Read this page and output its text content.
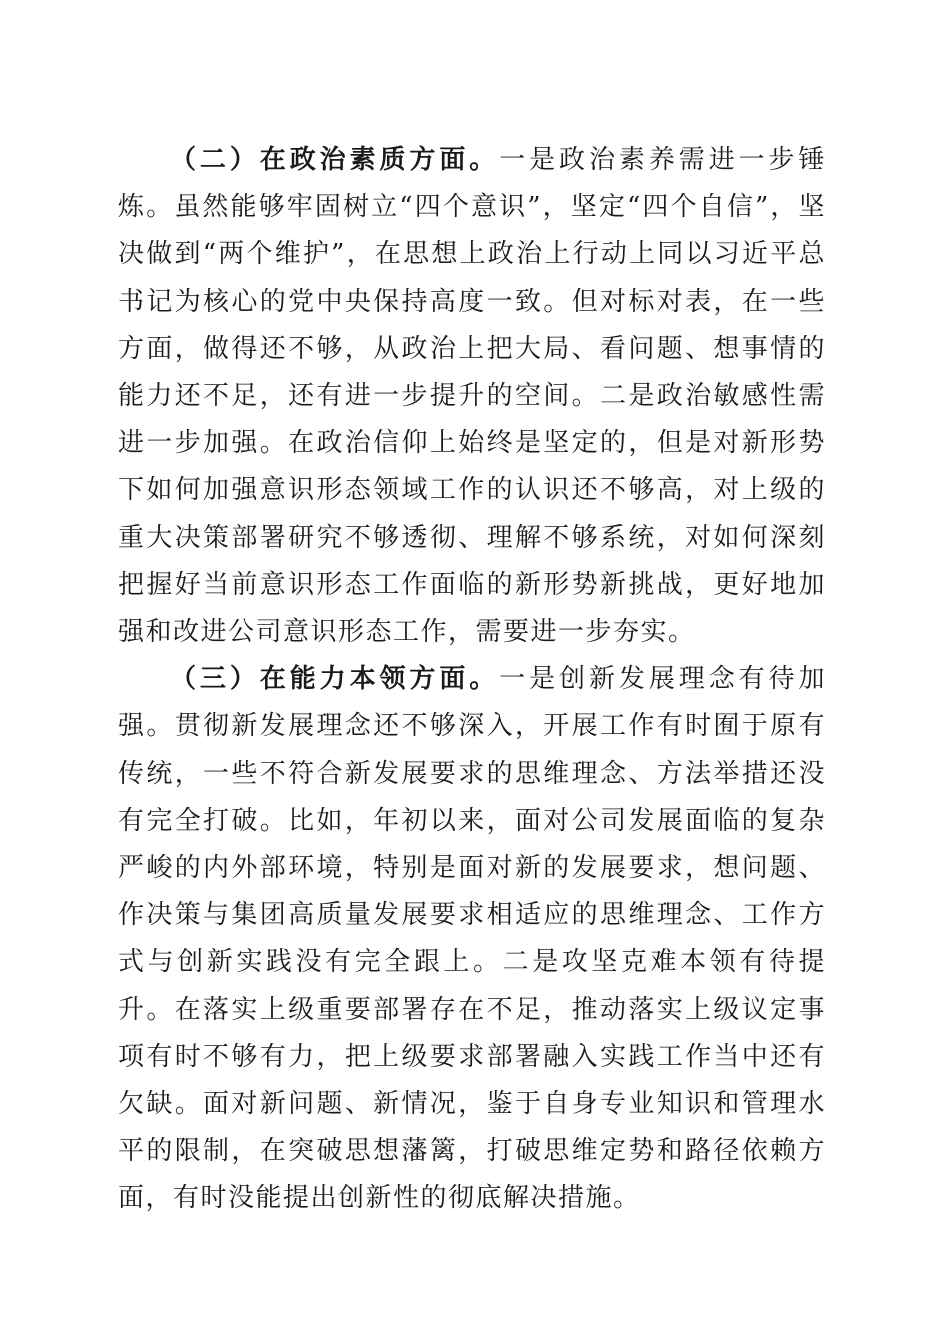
（二）在政治素质方面。一是政治素养需进一步锤炼。虽然能够牢固树立“四个意识”，坚定“四个自信”，坚决做到“两个维护”，在思想上政治上行动上同以习近平总书记为核心的党中央保持高度一致。但对标对表，在一些方面，做得还不够，从政治上把大局、看问题、想事情的能力还不足，还有进一步提升的空间。二是政治敏感性需进一步加强。在政治信仰上始终是坚定的，但是对新形势下如何加强意识形态领域工作的认识还不够高，对上级的重大决策部署研究不够透彻、理解不够系统，对如何深刻把握好当前意识形态工作面临的新形势新挑战，更好地加强和改进公司意识形态工作，需要进一步夯实。

（三）在能力本领方面。一是创新发展理念有待加强。贯彻新发展理念还不够深入，开展工作有时囿于原有传统，一些不符合新发展要求的思维理念、方法举措还没有完全打破。比如，年初以来，面对公司发展面临的复杂严峻的内外部环境，特别是面对新的发展要求，想问题、作决策与集团高质量发展要求相适应的思维理念、工作方式与创新实践没有完全跟上。二是攻坚克难本领有待提升。在落实上级重要部署存在不足，推动落实上级议定事项有时不够有力，把上级要求部署融入实践工作当中还有欠缺。面对新问题、新情况，鉴于自身专业知识和管理水平的限制，在突破思想藩篱，打破思维定势和路径依赖方面，有时没能提出创新性的彻底解决措施。
